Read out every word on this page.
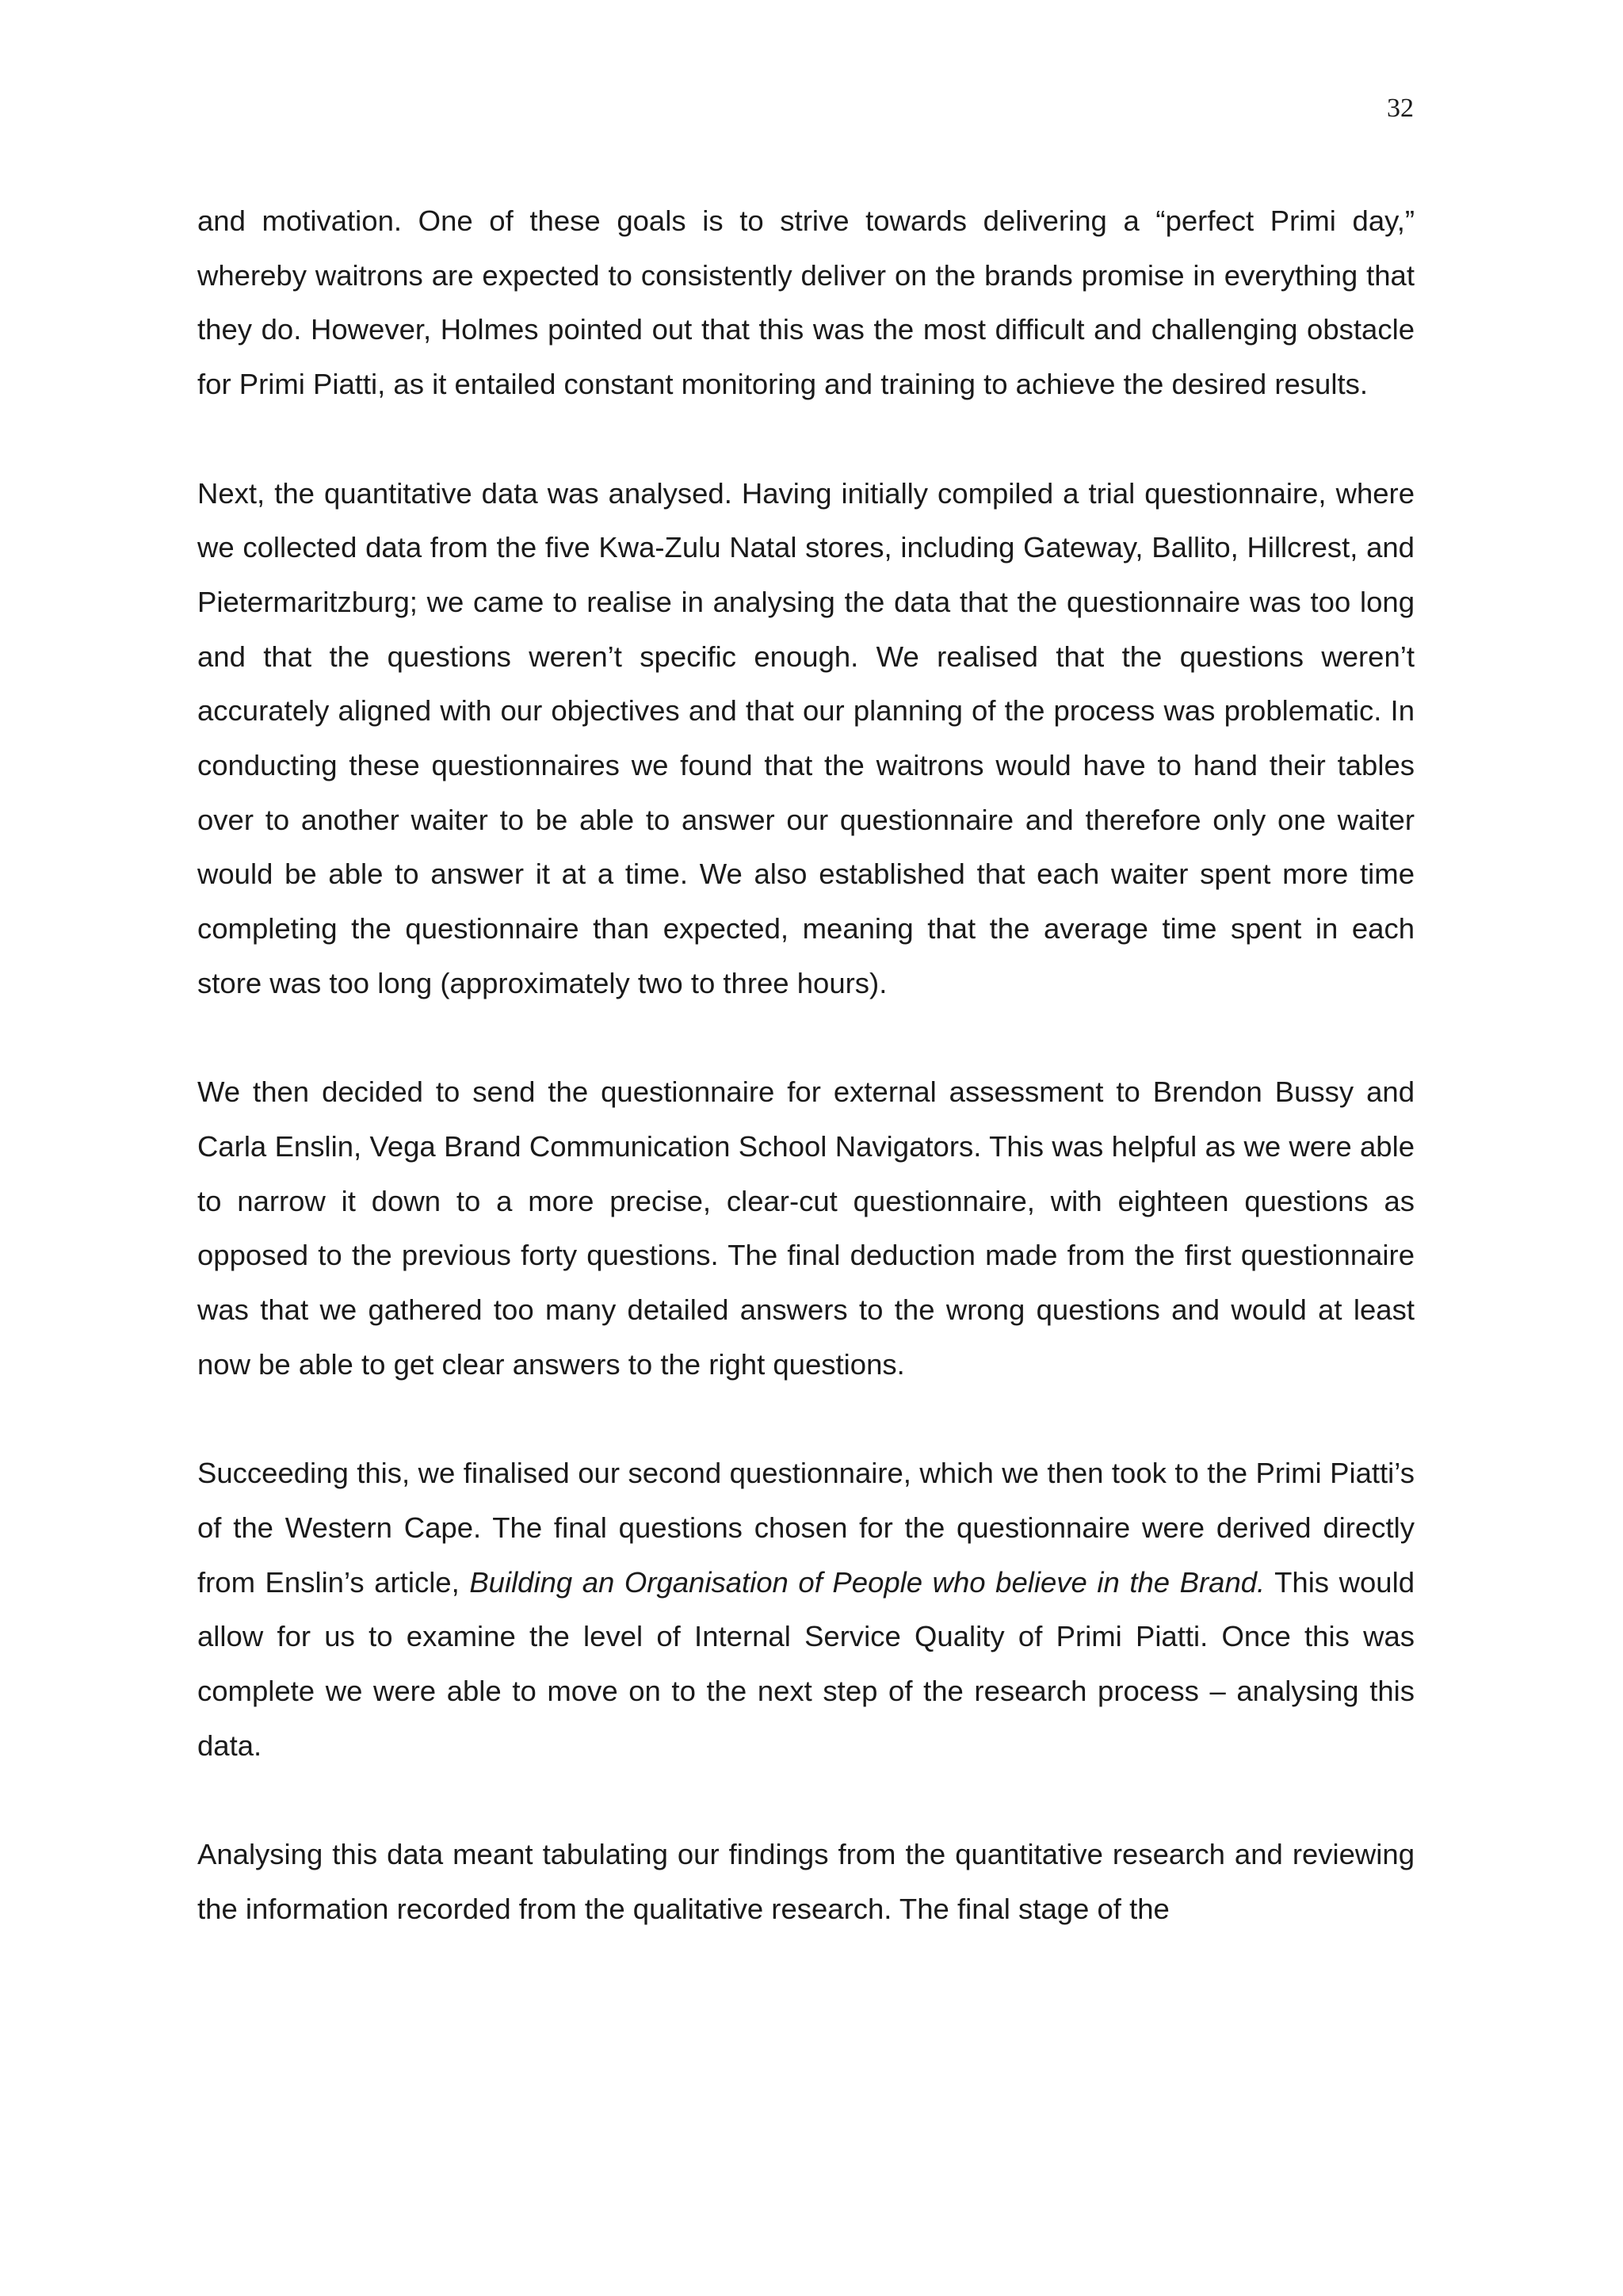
32

and motivation. One of these goals is to strive towards delivering a “perfect Primi day,” whereby waitrons are expected to consistently deliver on the brands promise in everything that they do. However, Holmes pointed out that this was the most difficult and challenging obstacle for Primi Piatti, as it entailed constant monitoring and training to achieve the desired results.

Next, the quantitative data was analysed. Having initially compiled a trial questionnaire, where we collected data from the five Kwa-Zulu Natal stores, including Gateway, Ballito, Hillcrest, and Pietermaritzburg; we came to realise in analysing the data that the questionnaire was too long and that the questions weren’t specific enough. We realised that the questions weren’t accurately aligned with our objectives and that our planning of the process was problematic. In conducting these questionnaires we found that the waitrons would have to hand their tables over to another waiter to be able to answer our questionnaire and therefore only one waiter would be able to answer it at a time. We also established that each waiter spent more time completing the questionnaire than expected, meaning that the average time spent in each store was too long (approximately two to three hours).

We then decided to send the questionnaire for external assessment to Brendon Bussy and Carla Enslin, Vega Brand Communication School Navigators. This was helpful as we were able to narrow it down to a more precise, clear-cut questionnaire, with eighteen questions as opposed to the previous forty questions. The final deduction made from the first questionnaire was that we gathered too many detailed answers to the wrong questions and would at least now be able to get clear answers to the right questions.

Succeeding this, we finalised our second questionnaire, which we then took to the Primi Piatti’s of the Western Cape. The final questions chosen for the questionnaire were derived directly from Enslin’s article, Building an Organisation of People who believe in the Brand. This would allow for us to examine the level of Internal Service Quality of Primi Piatti. Once this was complete we were able to move on to the next step of the research process – analysing this data.

Analysing this data meant tabulating our findings from the quantitative research and reviewing the information recorded from the qualitative research. The final stage of the
